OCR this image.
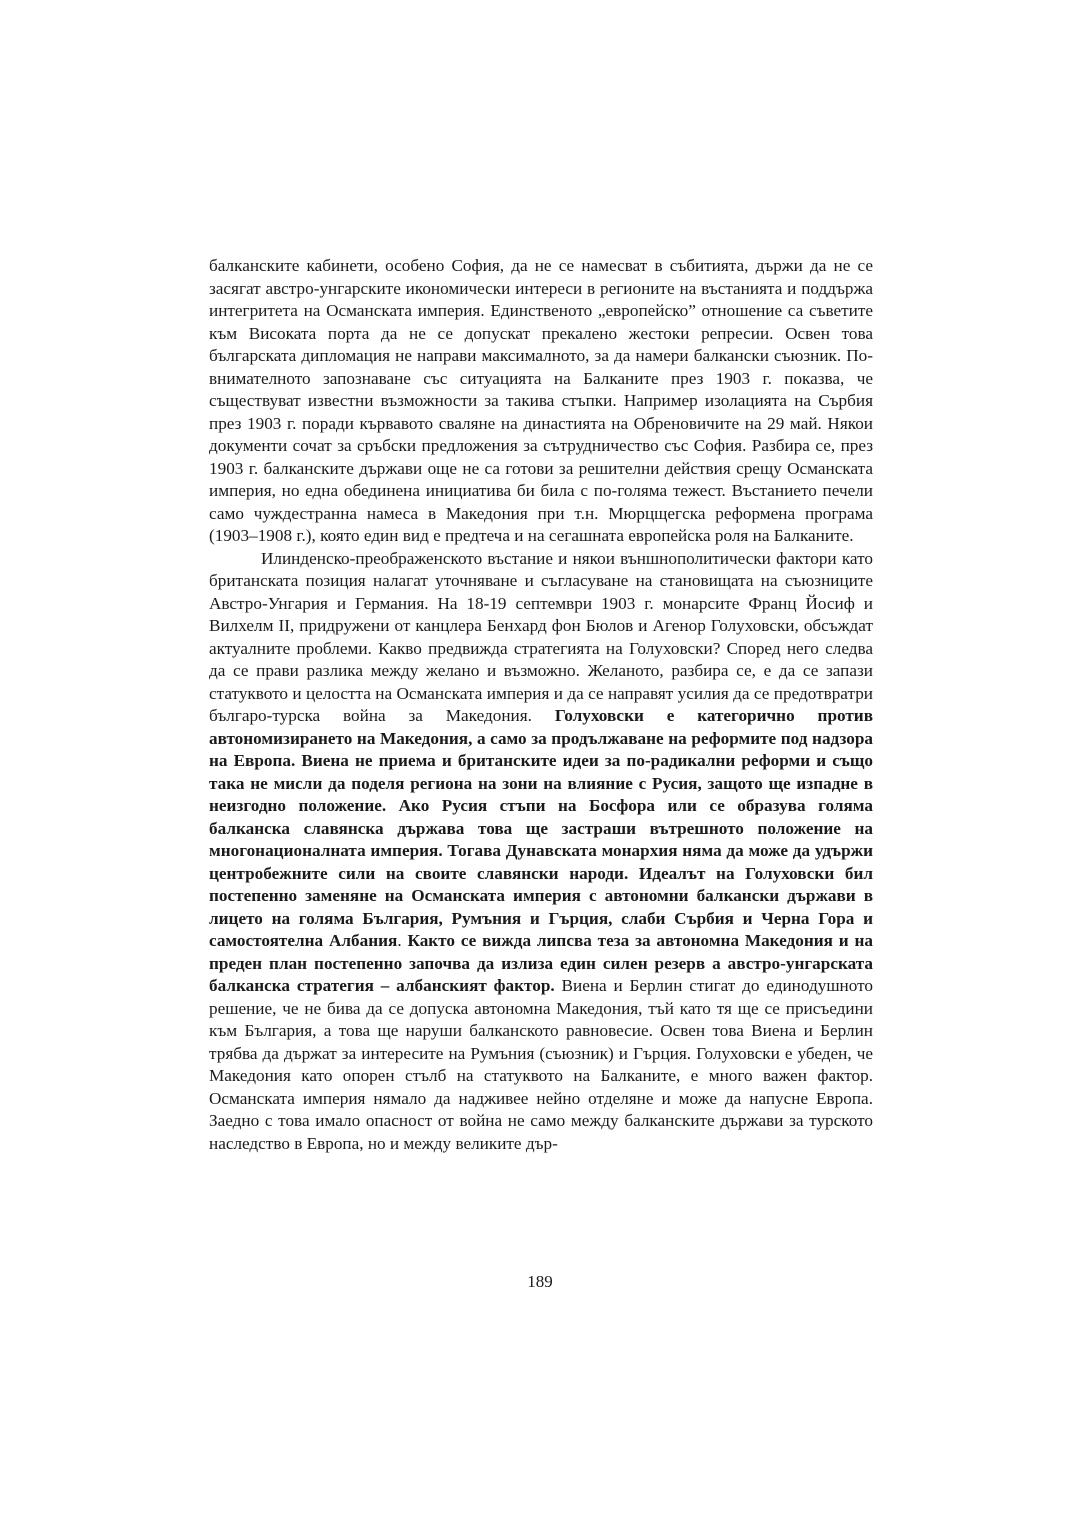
балканските кабинети, особено София, да не се намесват в събитията, държи да не се засягат австро-унгарските икономически интереси в регионите на въстанията и поддържа интегритета на Османската империя. Единственото „европейско” отношение са съветите към Високата порта да не се допускат прекалено жестоки репресии. Освен това българската дипломация не направи максималното, за да намери балкански съюзник. По-внимателното запознаване със ситуацията на Балканите през 1903 г. показва, че съществуват известни възможности за такива стъпки. Например изолацията на Сърбия през 1903 г. поради кървавото сваляне на династията на Обреновичите на 29 май. Някои документи сочат за сръбски предложения за сътрудничество със София. Разбира се, през 1903 г. балканските държави още не са готови за решителни действия срещу Османската империя, но една обединена инициатива би била с по-голяма тежест. Въстанието печели само чуждестранна намеса в Македония при т.н. Мюрцщегска реформена програма (1903–1908 г.), която един вид е предтеча и на сегашната европейска роля на Балканите.

Илинденско-преображенското въстание и някои външнополитически фактори като британската позиция налагат уточняване и съгласуване на становищата на съюзниците Австро-Унгария и Германия. На 18-19 септември 1903 г. монарсите Франц Йосиф и Вилхелм II, придружени от канцлера Бенхард фон Бюлов и Агенор Голуховски, обсъждат актуалните проблеми. Какво предвижда стратегията на Голуховски? Според него следва да се прави разлика между желано и възможно. Желаното, разбира се, е да се запази статуквото и целостта на Османската империя и да се направят усилия да се предотвратри българо-турска война за Македония. Голуховски е категорично против автономизирането на Македония, а само за продължаване на реформите под надзора на Европа. Виена не приема и британските идеи за по-радикални реформи и също така не мисли да поделя региона на зони на влияние с Русия, защото ще изпадне в неизгодно положение. Ако Русия стъпи на Босфора или се образува голяма балканска славянска държава това ще застраши вътрешното положение на многонационалната империя. Тогава Дунавската монархия няма да може да удържи центробежните сили на своите славянски народи. Идеалът на Голуховски бил постепенно заменяне на Османската империя с автономни балкански държави в лицето на голяма България, Румъния и Гърция, слаби Сърбия и Черна Гора и самостоятелна Албания. Както се вижда липсва теза за автономна Македония и на преден план постепенно започва да излиза един силен резерв а австро-унгарската балканска стратегия – албанският фактор. Виена и Берлин стигат до единодушното решение, че не бива да се допуска автономна Македония, тъй като тя ще се присъедини към България, а това ще наруши балканското равновесие. Освен това Виена и Берлин трябва да държат за интересите на Румъния (съюзник) и Гърция. Голуховски е убеден, че Македония като опорен стълб на статуквото на Балканите, е много важен фактор. Османската империя нямало да надживее нейно отделяне и може да напусне Европа. Заедно с това имало опасност от война не само между балканските държави за турското наследство в Европа, но и между великите дър-

189
